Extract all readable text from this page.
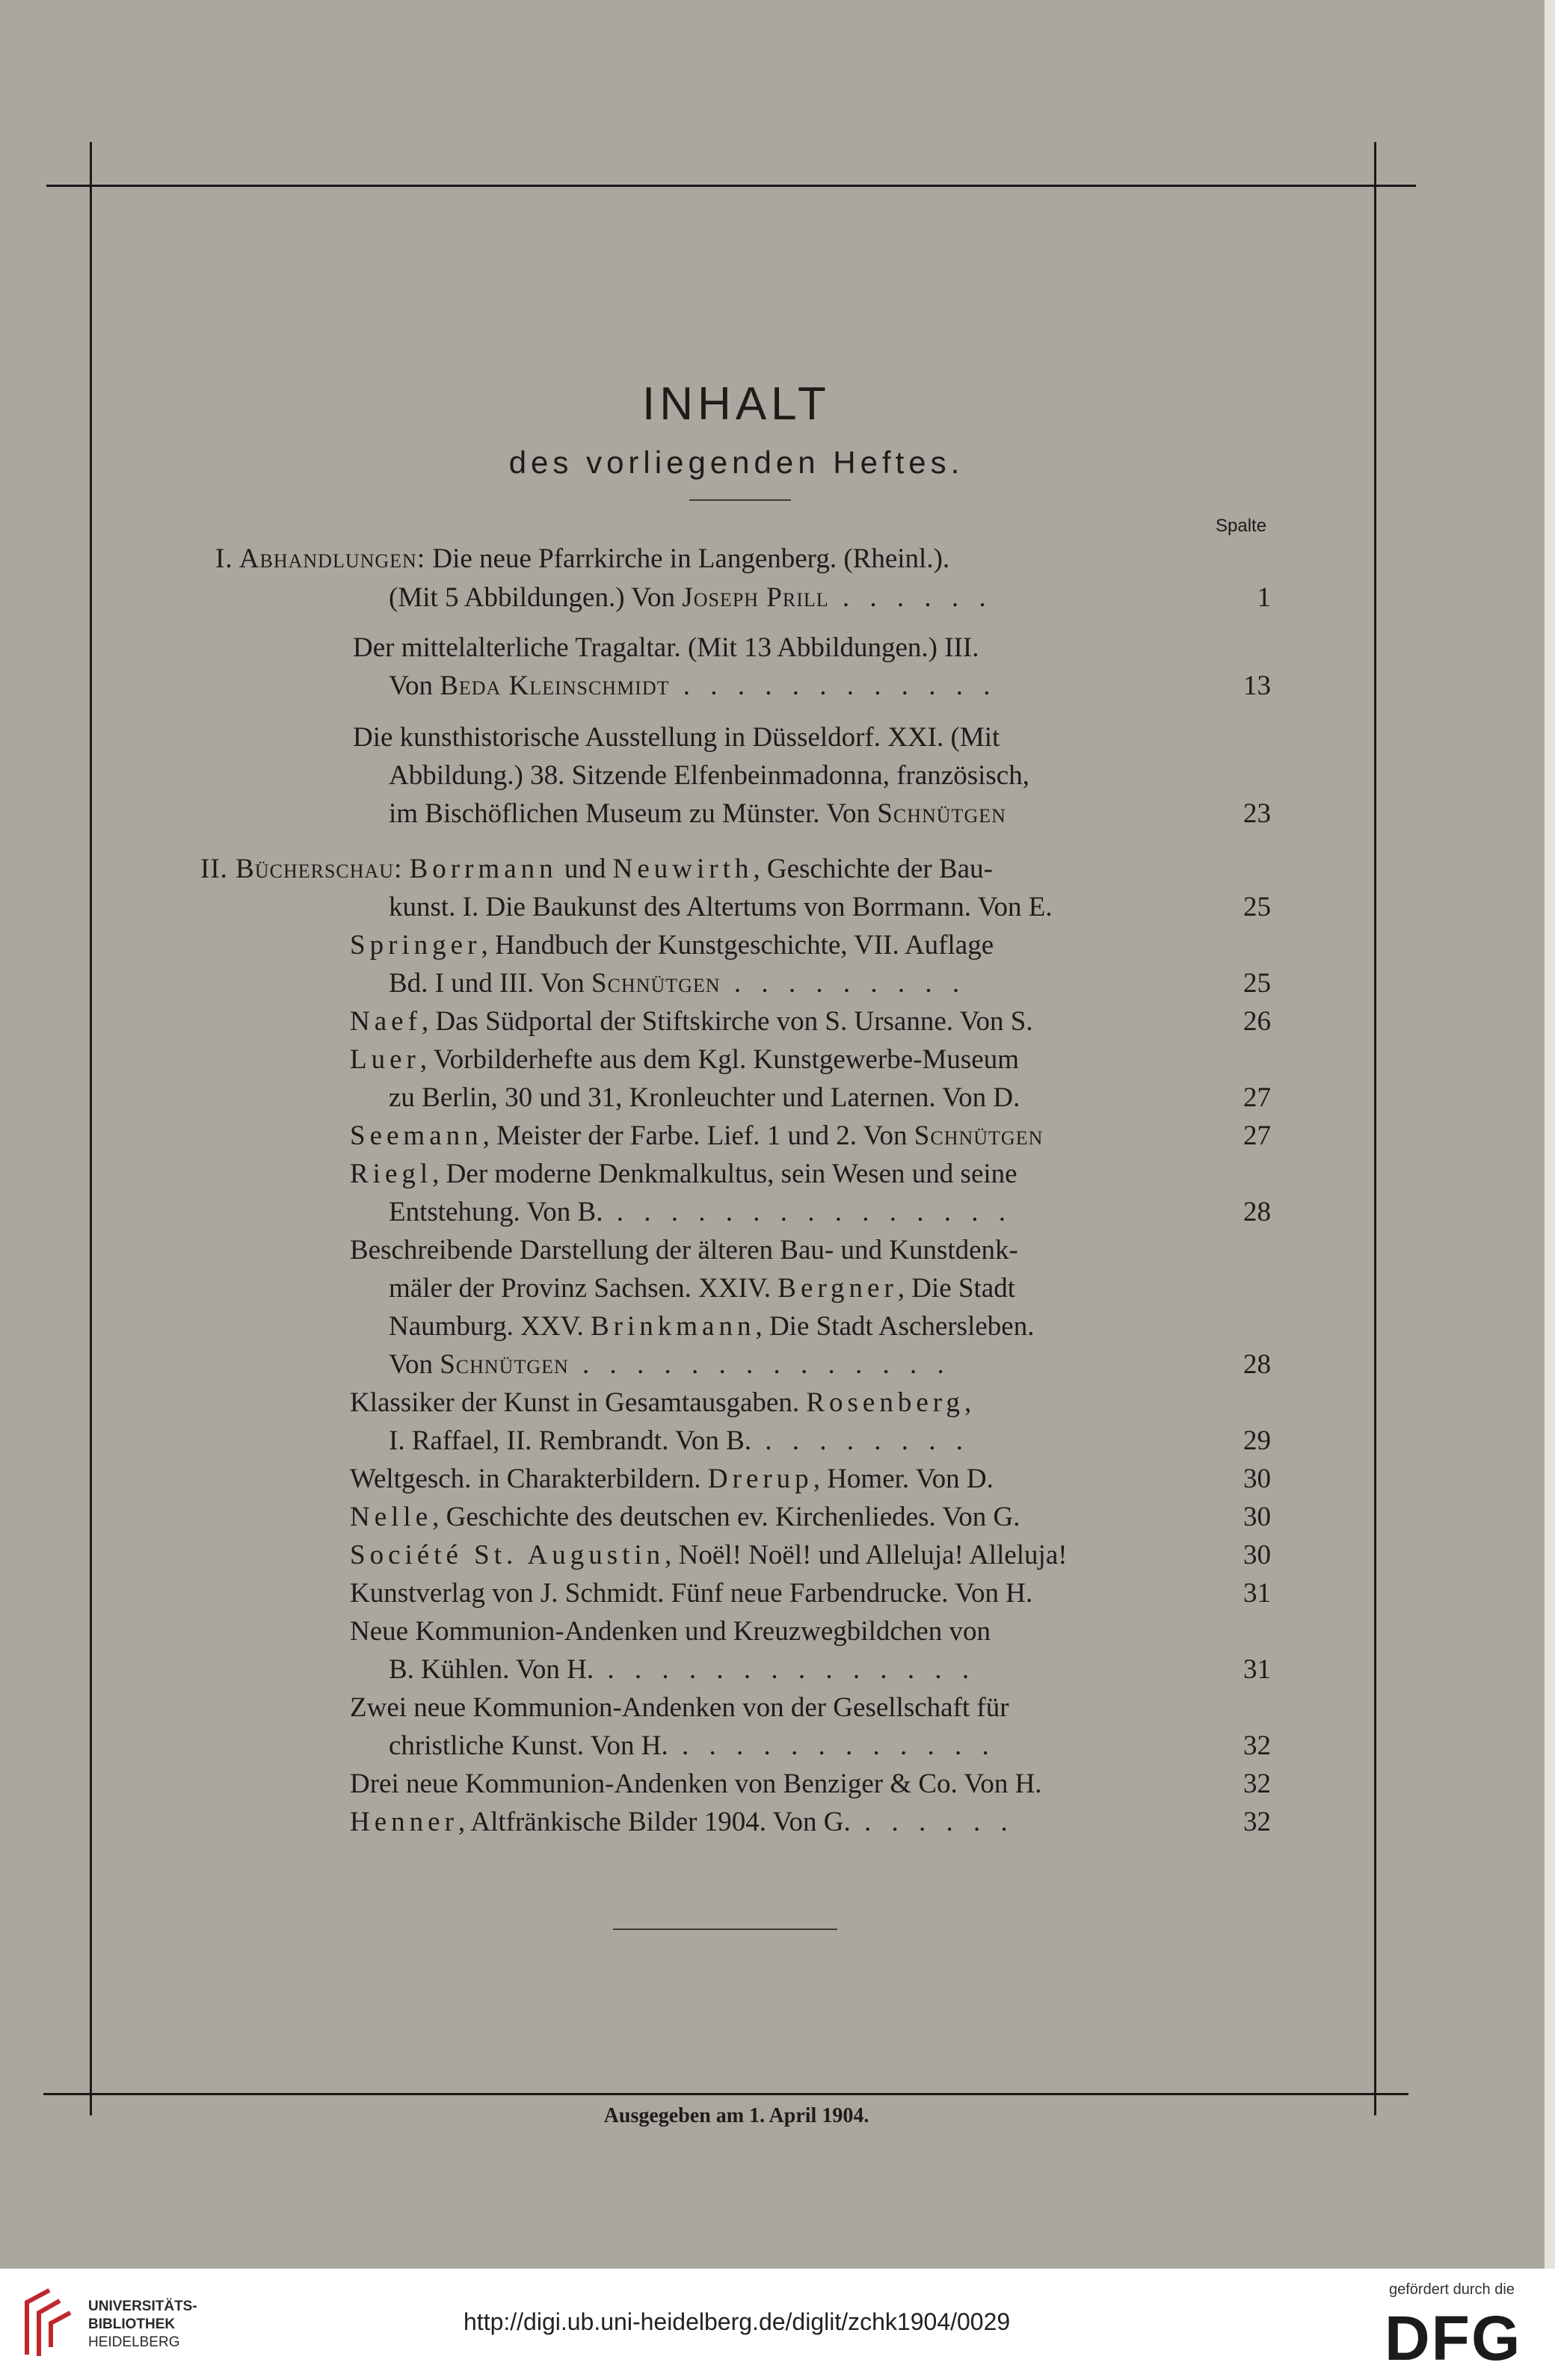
INHALT
des vorliegenden Heftes.
Spalte
I. Abhandlungen: Die neue Pfarrkirche in Langenberg. (Rheinl.).
(Mit 5 Abbildungen.) Von Joseph Prill . . . . . .	1
Der mittelalterliche Tragaltar. (Mit 13 Abbildungen.) III.
Von Beda Kleinschmidt . . . . . . . . . . . .	13
Die kunsthistorische Ausstellung in Düsseldorf. XXI. (Mit
Abbildung.) 38. Sitzende Elfenbeinmadonna, französisch,
im Bischöflichen Museum zu Münster. Von Schnütgen	23
II. Bücherschau: Borrmann und Neuwirth, Geschichte der Bau-
kunst. I. Die Baukunst des Altertums von Borrmann. Von E.	25
Springer, Handbuch der Kunstgeschichte, VII. Auflage
Bd. I und III. Von Schnütgen . . . . . . . . .	25
Naef, Das Südportal der Stiftskirche von S. Ursanne. Von S.	26
Luer, Vorbilderhefte aus dem Kgl. Kunstgewerbe-Museum
zu Berlin, 30 und 31, Kronleuchter und Laternen. Von D.	27
Seemann, Meister der Farbe. Lief. 1 und 2. Von Schnütgen	27
Riegl, Der moderne Denkmalkultus, sein Wesen und seine
Entstehung. Von B. . . . . . . . . . . . . . . .	28
Beschreibende Darstellung der älteren Bau- und Kunstdenk-
mäler der Provinz Sachsen. XXIV. Bergner, Die Stadt
Naumburg. XXV. Brinkmann, Die Stadt Aschersleben.
Von Schnütgen . . . . . . . . . . . . . .	28
Klassiker der Kunst in Gesamtausgaben. Rosenberg,
I. Raffael, II. Rembrandt. Von B. . . . . . . . .	29
Weltgesch. in Charakterbildern. Drerup, Homer. Von D.	30
Nelle, Geschichte des deutschen ev. Kirchenliedes. Von G.	30
Société St. Augustin, Noël! Noël! und Alleluja! Alleluja!	30
Kunstverlag von J. Schmidt. Fünf neue Farbendrucke. Von H.	31
Neue Kommunion-Andenken und Kreuzwegbildchen von
B. Kühlen. Von H. . . . . . . . . . . . . . .	31
Zwei neue Kommunion-Andenken von der Gesellschaft für
christliche Kunst. Von H. . . . . . . . . . . . .	32
Drei neue Kommunion-Andenken von Benziger & Co. Von H.	32
Henner, Altfränkische Bilder 1904. Von G. . . . . . .	32
Ausgegeben am 1. April 1904.
UNIVERSITÄTS-
BIBLIOTHEK
HEIDELBERG
http://digi.ub.uni-heidelberg.de/diglit/zchk1904/0029
gefördert durch die
DFG
